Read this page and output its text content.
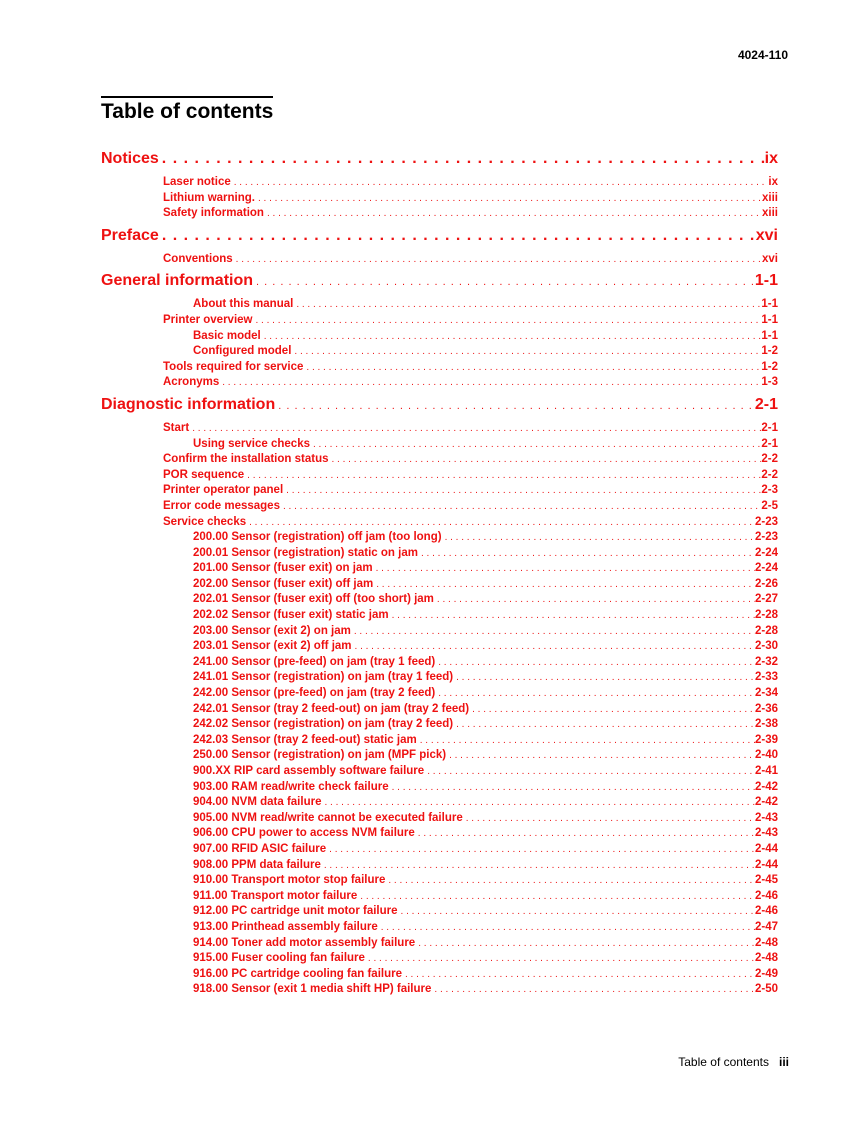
4024-110
Table of contents
Notices . . .	ix
Laser notice . . .	ix
Lithium warning. . . .	xiii
Safety information . . .	xiii
Preface . . .	xvi
Conventions . . .	xvi
General information . . .	1-1
About this manual . . .	1-1
Printer overview . . .	1-1
Basic model . . .	1-1
Configured model . . .	1-2
Tools required for service . . .	1-2
Acronyms . . .	1-3
Diagnostic information . . .	2-1
Start . . .	2-1
Using service checks . . .	2-1
Confirm the installation status . . .	2-2
POR sequence . . .	2-2
Printer operator panel . . .	2-3
Error code messages . . .	2-5
Service checks . . .	2-23
200.00 Sensor (registration) off jam (too long) . . .	2-23
200.01 Sensor (registration) static on jam . . .	2-24
201.00 Sensor (fuser exit) on jam . . .	2-24
202.00 Sensor (fuser exit) off jam . . .	2-26
202.01 Sensor (fuser exit) off (too short) jam . . .	2-27
202.02 Sensor (fuser exit) static jam . . .	2-28
203.00 Sensor (exit 2) on jam . . .	2-28
203.01 Sensor (exit 2) off jam . . .	2-30
241.00 Sensor (pre-feed) on jam (tray 1 feed) . . .	2-32
241.01 Sensor (registration) on jam (tray 1 feed) . . .	2-33
242.00 Sensor (pre-feed) on jam (tray 2 feed) . . .	2-34
242.01 Sensor (tray 2 feed-out) on jam (tray 2 feed) . . .	2-36
242.02 Sensor (registration) on jam (tray 2 feed) . . .	2-38
242.03 Sensor (tray 2 feed-out) static jam . . .	2-39
250.00 Sensor (registration) on jam (MPF pick) . . .	2-40
900.XX RIP card assembly software failure . . .	2-41
903.00 RAM read/write check failure . . .	2-42
904.00 NVM data failure . . .	2-42
905.00 NVM read/write cannot be executed failure . . .	2-43
906.00 CPU power to access NVM failure . . .	2-43
907.00 RFID ASIC failure . . .	2-44
908.00 PPM data failure . . .	2-44
910.00 Transport motor stop failure . . .	2-45
911.00 Transport motor failure . . .	2-46
912.00 PC cartridge unit motor failure . . .	2-46
913.00 Printhead assembly failure . . .	2-47
914.00 Toner add motor assembly failure . . .	2-48
915.00 Fuser cooling fan failure . . .	2-48
916.00 PC cartridge cooling fan failure . . .	2-49
918.00 Sensor (exit 1 media shift HP) failure . . .	2-50
Table of contents iii
